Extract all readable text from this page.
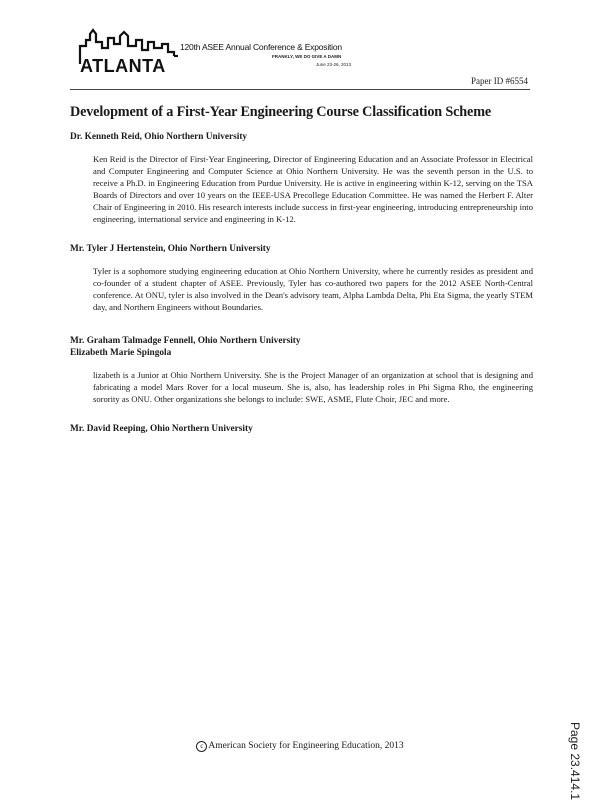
ATLANTA
120th ASEE Annual Conference & Exposition
FRANKLY, WE DO GIVE A DAMN
June 23-26, 2013
Paper ID #6554
Development of a First-Year Engineering Course Classification Scheme
Dr. Kenneth Reid, Ohio Northern University

Ken Reid is the Director of First-Year Engineering, Director of Engineering Education and an Associate Professor in Electrical and Computer Engineering and Computer Science at Ohio Northern University. He was the seventh person in the U.S. to receive a Ph.D. in Engineering Education from Purdue University. He is active in engineering within K-12, serving on the TSA Boards of Directors and over 10 years on the IEEE-USA Precollege Education Committee. He was named the Herbert F. Alter Chair of Engineering in 2010. His research interests include success in first-year engineering, introducing entrepreneurship into engineering, international service and engineering in K-12.

Mr. Tyler J Hertenstein, Ohio Northern University

Tyler is a sophomore studying engineering education at Ohio Northern University, where he currently resides as president and co-founder of a student chapter of ASEE. Previously, Tyler has co-authored two papers for the 2012 ASEE North-Central conference. At ONU, tyler is also involved in the Dean's advisory team, Alpha Lambda Delta, Phi Eta Sigma, the yearly STEM day, and Northern Engineers without Boundaries.

Mr. Graham Talmadge Fennell, Ohio Northern University
Elizabeth Marie Spingola

lizabeth is a Junior at Ohio Northern University. She is the Project Manager of an organization at school that is designing and fabricating a model Mars Rover for a local museum. She is, also, has leadership roles in Phi Sigma Rho, the engineering sorority as ONU. Other organizations she belongs to include: SWE, ASME, Flute Choir, JEC and more.

Mr. David Reeping, Ohio Northern University
c American Society for Engineering Education, 2013	Page 23.414.1
